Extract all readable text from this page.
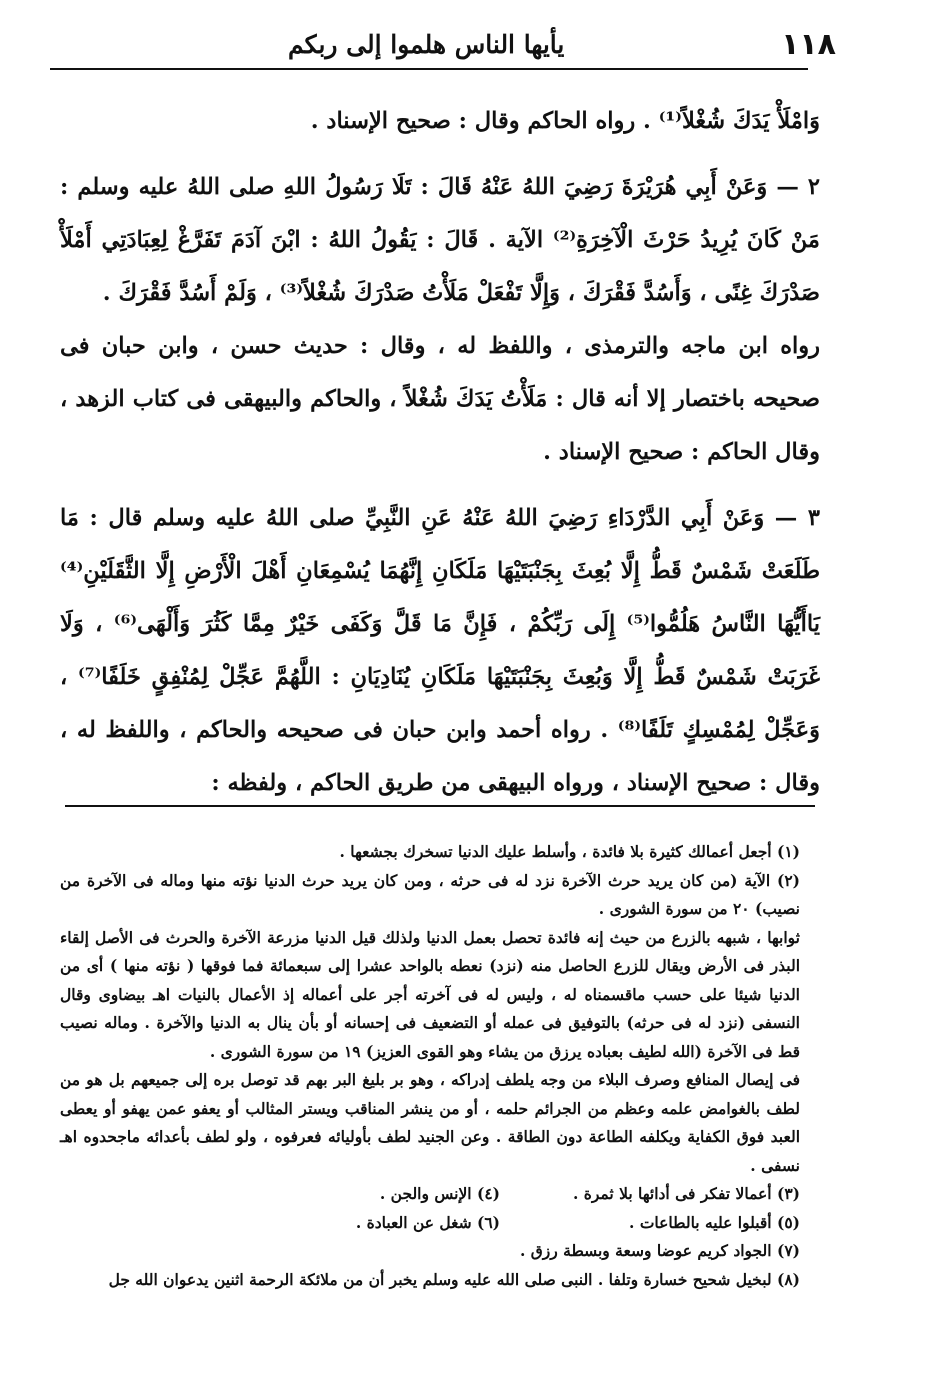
١١٨
يأيها الناس هلموا إلى ربكم

وَامْلَأْ يَدَكَ شُغْلاً⁽¹⁾ . رواه الحاكم وقال : صحيح الإسناد .

٢ — وَعَنْ أَبِي هُرَيْرَةَ رَضِيَ اللهُ عَنْهُ قَالَ : تَلَا رَسُولُ اللهِ صلى اللهُ عليه وسلم : مَنْ كَانَ يُرِيدُ حَرْثَ الْآخِرَةِ⁽²⁾ الآية . قَالَ : يَقُولُ اللهُ : ابْنَ آدَمَ تَفَرَّغْ لِعِبَادَتِي أَمْلَأْ صَدْرَكَ غِنًى ، وَأَسُدَّ فَقْرَكَ ، وَإِلَّا تَفْعَلْ مَلَأْتُ صَدْرَكَ شُغْلاً⁽³⁾ ، وَلَمْ أَسُدَّ فَقْرَكَ .

رواه ابن ماجه والترمذى ، واللفظ له ، وقال : حديث حسن ، وابن حبان فى صحيحه باختصار إلا أنه قال : مَلَأْتُ يَدَكَ شُغْلاً ، والحاكم والبيهقى فى كتاب الزهد ، وقال الحاكم : صحيح الإسناد .

٣ — وَعَنْ أَبِي الدَّرْدَاءِ رَضِيَ اللهُ عَنْهُ عَنِ النَّبِيِّ صلى اللهُ عليه وسلم قال : مَا طَلَعَتْ شَمْسٌ قَطُّ إِلَّا بُعِثَ بِجَنْبَتَيْهَا مَلَكَانِ إِنَّهُمَا يُسْمِعَانِ أَهْلَ الْأَرْضِ إِلَّا الثَّقَلَيْنِ⁽⁴⁾ يَاأَيُّهَا النَّاسُ هَلُمُّوا⁽⁵⁾ إِلَى رَبِّكُمْ ، فَإِنَّ مَا قَلَّ وَكَفَى خَيْرٌ مِمَّا كَثُرَ وَأَلْهَى⁽⁶⁾ ، وَلَا غَرَبَتْ شَمْسٌ قَطُّ إِلَّا وَبُعِثَ بِجَنْبَتَيْهَا مَلَكَانِ يُنَادِيَانِ : اللَّهُمَّ عَجِّلْ لِمُنْفِقٍ خَلَفًا⁽⁷⁾ ، وَعَجِّلْ لِمُمْسِكٍ تَلَفًا⁽⁸⁾ . رواه أحمد وابن حبان فى صحيحه والحاكم ، واللفظ له ، وقال : صحيح الإسناد ، ورواه البيهقى من طريق الحاكم ، ولفظه :

(١) أجعل أعمالك كثيرة بلا فائدة ، وأسلط عليك الدنيا تسخرك بجشعها .

(٢) الآية (من كان يريد حرث الآخرة نزد له فى حرثه ، ومن كان يريد حرث الدنيا نؤته منها وماله فى الآخرة من نصيب) ٢٠ من سورة الشورى .

ثوابها ، شبهه بالزرع من حيث إنه فائدة تحصل بعمل الدنيا ولذلك قيل الدنيا مزرعة الآخرة والحرث فى الأصل إلقاء البذر فى الأرض ويقال للزرع الحاصل منه (نزد) نعطه بالواحد عشرا إلى سبعمائة فما فوقها ( نؤته منها ) أى من الدنيا شيئا على حسب ماقسمناه له ، وليس له فى آخرته أجر على أعماله إذ الأعمال بالنيات اهـ بيضاوى وقال النسفى (نزد له فى حرثه) بالتوفيق فى عمله أو التضعيف فى إحسانه أو بأن ينال به الدنيا والآخرة . وماله نصيب قط فى الآخرة (الله لطيف بعباده يرزق من يشاء وهو القوى العزيز) ١٩ من سورة الشورى .

فى إيصال المنافع وصرف البلاء من وجه يلطف إدراكه ، وهو بر بليغ البر بهم قد توصل بره إلى جميعهم بل هو من لطف بالغوامض علمه وعظم من الجرائم حلمه ، أو من ينشر المناقب ويستر المثالب أو يعفو عمن يهفو أو يعطى العبد فوق الكفاية ويكلفه الطاعة دون الطاقة . وعن الجنيد لطف بأوليائه فعرفوه ، ولو لطف بأعدائه ماجحدوه اهـ نسفى .

(٣) أعمالا تفكر فى أدائها بلا ثمرة .
(٤) الإنس والجن .
(٥) أقبلوا عليه بالطاعات .
(٦) شغل عن العبادة .

(٧) الجواد كريم عوضا وسعة وبسطة رزق .

(٨) لبخيل شحيح خسارة وتلفا . النبى صلى الله عليه وسلم يخبر أن من ملائكة الرحمة اثنين يدعوان الله جل
